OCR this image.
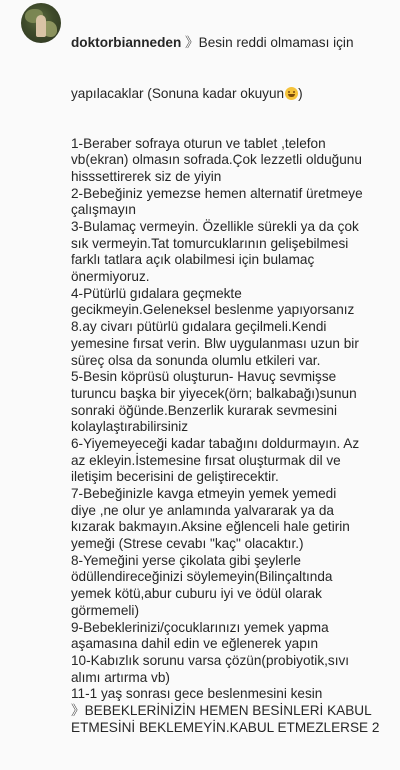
doktorbianneden 》Besin reddi olmaması için

yapılacaklar (Sonuna kadar okuyun )

1-Beraber sofraya oturun ve tablet ,telefon
vb(ekran) olmasın sofrada.Çok lezzetli olduğunu
hisssettirerek siz de yiyin
2-Bebeğiniz yemezse hemen alternatif üretmeye
çalışmayın
3-Bulamaç vermeyin. Özellikle sürekli ya da çok
sık vermeyin.Tat tomurcuklarının gelişebilmesi
farklı tatlara açık olabilmesi için bulamaç
önermiyoruz.
4-Pütürlü gıdalara geçmekte
gecikmeyin.Geleneksel beslenme yapıyorsanız
8.ay civarı pütürlü gıdalara geçilmeli.Kendi
yemesine fırsat verin. Blw uygulanması uzun bir
süreç olsa da sonunda olumlu etkileri var.
5-Besin köprüsü oluşturun- Havuç sevmişse
turuncu başka bir yiyecek(örn; balkabağı)sunun
sonraki öğünde.Benzerlik kurarak sevmesini
kolaylaştırabilirsiniz
6-Yiyemeyeceği kadar tabağını doldurmayın. Az
az ekleyin.İstemesine fırsat oluşturmak dil ve
iletişim becerisini de geliştirecektir.
7-Bebeğinizle kavga etmeyin yemek yemedi
diye ,ne olur ye anlamında yalvararak ya da
kızarak bakmayın.Aksine eğlenceli hale getirin
yemeği (Strese cevabı "kaç" olacaktır.)
8-Yemeğini yerse çikolata gibi şeylerle
ödüllendireceğinizi söylemeyin(Bilinçaltında
yemek kötü,abur cuburu iyi ve ödül olarak
görmemeli)
9-Bebeklerinizi/çocuklarınızı yemek yapma
aşamasına dahil edin ve eğlenerek yapın
10-Kabızlık sorunu varsa çözün(probiyotik,sıvı
alımı artırma vb)
11-1 yaş sonrası gece beslenmesini kesin
》BEBEKLERİNİZİN HEMEN BESİNLERİ KABUL
ETMESİNİ BEKLEMEYİN.KABUL ETMEZLERSE 2
